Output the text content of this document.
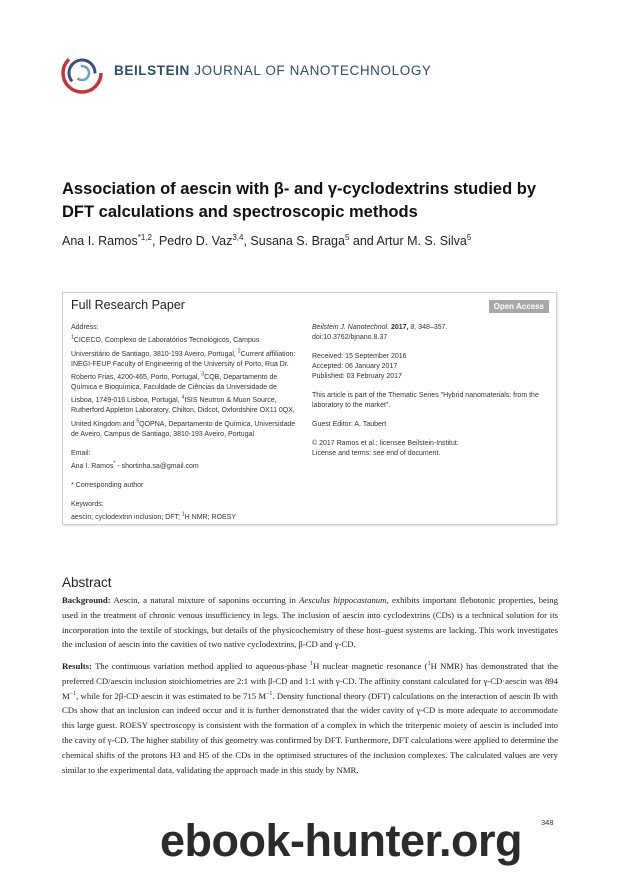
BEILSTEIN JOURNAL OF NANOTECHNOLOGY
Association of aescin with β- and γ-cyclodextrins studied by DFT calculations and spectroscopic methods
Ana I. Ramos$^{*1,2}$, Pedro D. Vaz$^{3,4}$, Susana S. Braga$^5$ and Artur M. S. Silva$^5$
Full Research Paper	Open Access

Address:
$^1$CICECO, Complexo de Laboratórios Tecnológicos, Campus Universitário de Santiago, 3810-193 Aveiro, Portugal, $^2$Current affiliation: INEGI-FEUP Faculty of Engineering of the University of Porto, Rua Dr. Roberto Frias, 4200-465, Porto, Portugal, $^3$CQB, Departamento de Química e Bioquímica, Faculdade de Ciências da Universidade de Lisboa, 1749-016 Lisboa, Portugal, $^4$ISIS Neutron & Muon Source, Rutherford Appleton Laboratory, Chilton, Didcot, Oxfordshire OX11 0QX, United Kingdom and $^5$QOPNA, Departamento de Química, Universidade de Aveiro, Campus de Santiago, 3810-193 Aveiro, Portugal

Email:
Ana I. Ramos* - shortinha.sa@gmail.com

* Corresponding author

Keywords:
aescin; cyclodextrin inclusion; DFT; $^1$H NMR; ROESY

Beilstein J. Nanotechnol. 2017, 8, 348–357.
doi:10.3762/bjnano.8.37

Received: 15 September 2016
Accepted: 06 January 2017
Published: 03 February 2017

This article is part of the Thematic Series "Hybrid nanomaterials: from the laboratory to the market".

Guest Editor: A. Taubert

© 2017 Ramos et al.; licensee Beilstein-Institut.
License and terms: see end of document.

Abstract

Background: Aescin, a natural mixture of saponins occurring in Aesculus hippocastanum, exhibits important flebotonic properties, being used in the treatment of chronic venous insufficiency in legs. The inclusion of aescin into cyclodextrins (CDs) is a technical solution for its incorporation into the textile of stockings, but details of the physicochemistry of these host–guest systems are lacking. This work investigates the inclusion of aescin into the cavities of two native cyclodextrins, β-CD and γ-CD.

Results: The continuous variation method applied to aqueous-phase $^1$H nuclear magnetic resonance ($^1$H NMR) has demonstrated that the preferred CD/aescin inclusion stoichiometries are 2:1 with β-CD and 1:1 with γ-CD. The affinity constant calculated for γ-CD·aescin was 894 $M^{-1}$, while for 2β-CD·aescin it was estimated to be 715 $M^{-1}$. Density functional theory (DFT) calculations on the interaction of aescin Ib with CDs show that an inclusion can indeed occur and it is further demonstrated that the wider cavity of γ-CD is more adequate to accommodate this large guest. ROESY spectroscopy is consistent with the formation of a complex in which the triterpenic moiety of aescin is included into the cavity of γ-CD. The higher stability of this geometry was confirmed by DFT. Furthermore, DFT calculations were applied to determine the chemical shifts of the protons H3 and H5 of the CDs in the optimised structures of the inclusion complexes. The calculated values are very similar to the experimental data, validating the approach made in this study by NMR.

348
ebook-hunter.org
